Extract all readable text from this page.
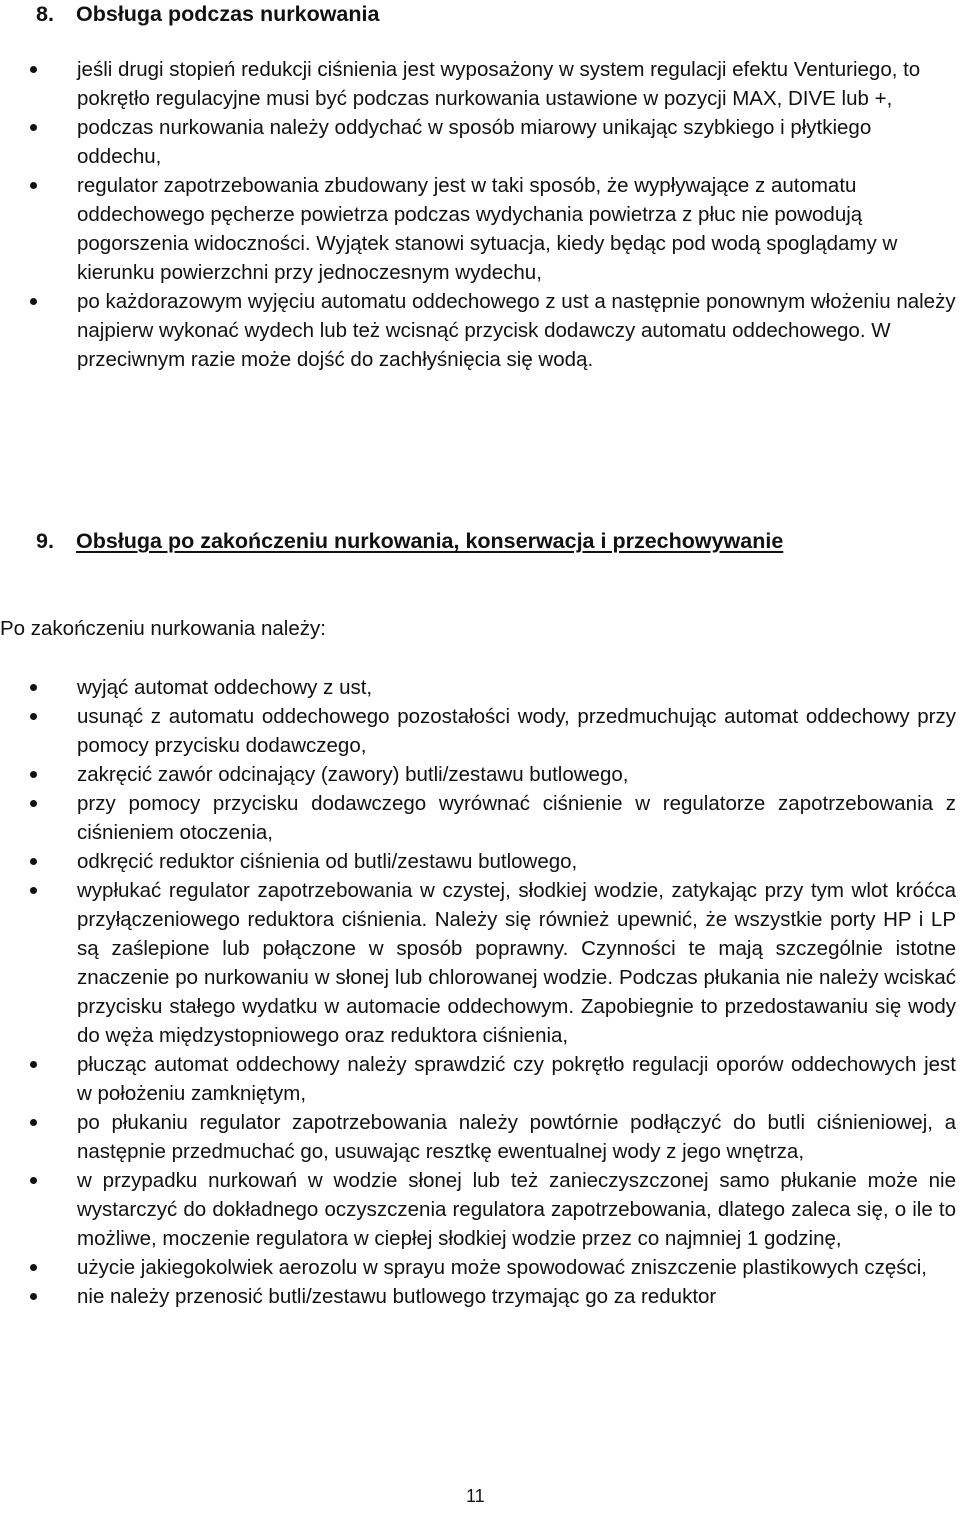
8. Obsługa podczas nurkowania
jeśli drugi stopień redukcji ciśnienia jest wyposażony w system regulacji efektu Venturiego, to pokrętło regulacyjne musi być podczas nurkowania ustawione w pozycji MAX, DIVE lub +,
podczas nurkowania należy oddychać w sposób miarowy unikając szybkiego i płytkiego oddechu,
regulator zapotrzebowania zbudowany jest w taki sposób, że wypływające z automatu oddechowego pęcherze powietrza podczas wydychania powietrza z płuc nie powodują pogorszenia widoczności. Wyjątek stanowi sytuacja, kiedy będąc pod wodą spoglądamy w kierunku powierzchni przy jednoczesnym wydechu,
po każdorazowym wyjęciu automatu oddechowego z ust a następnie ponownym włożeniu należy najpierw wykonać wydech lub też wcisnąć przycisk dodawczy automatu oddechowego. W przeciwnym razie może dojść do zachłyśnięcia się wodą.
9. Obsługa po zakończeniu nurkowania, konserwacja i przechowywanie
Po zakończeniu nurkowania należy:
wyjąć automat oddechowy z ust,
usunąć z automatu oddechowego pozostałości wody, przedmuchując automat oddechowy przy pomocy przycisku dodawczego,
zakręcić zawór odcinający (zawory) butli/zestawu butlowego,
przy pomocy przycisku dodawczego wyrównać ciśnienie w regulatorze zapotrzebowania z ciśnieniem otoczenia,
odkręcić reduktor ciśnienia od butli/zestawu butlowego,
wypłukać regulator zapotrzebowania w czystej, słodkiej wodzie, zatykając przy tym wlot króćca przyłączeniowego reduktora ciśnienia. Należy się również upewnić, że wszystkie porty HP i LP są zaślepione lub połączone w sposób poprawny. Czynności te mają szczególnie istotne znaczenie po nurkowaniu w słonej lub chlorowanej wodzie. Podczas płukania nie należy wciskać przycisku stałego wydatku w automacie oddechowym. Zapobiegnie to przedostawaniu się wody do węża międzystopniowego oraz reduktora ciśnienia,
płucząc automat oddechowy należy sprawdzić czy pokrętło regulacji oporów oddechowych jest w położeniu zamkniętym,
po płukaniu regulator zapotrzebowania należy powtórnie podłączyć do butli ciśnieniowej, a następnie przedmuchać go, usuwając resztkę ewentualnej wody z jego wnętrza,
w przypadku nurkowań w wodzie słonej lub też zanieczyszczonej samo płukanie może nie wystarczyć do dokładnego oczyszczenia regulatora zapotrzebowania, dlatego zaleca się, o ile to możliwe, moczenie regulatora w ciepłej słodkiej wodzie przez co najmniej 1 godzinę,
użycie jakiegokolwiek aerozolu w sprayu może spowodować zniszczenie plastikowych części,
nie należy przenosić butli/zestawu butlowego trzymając go za reduktor
11
